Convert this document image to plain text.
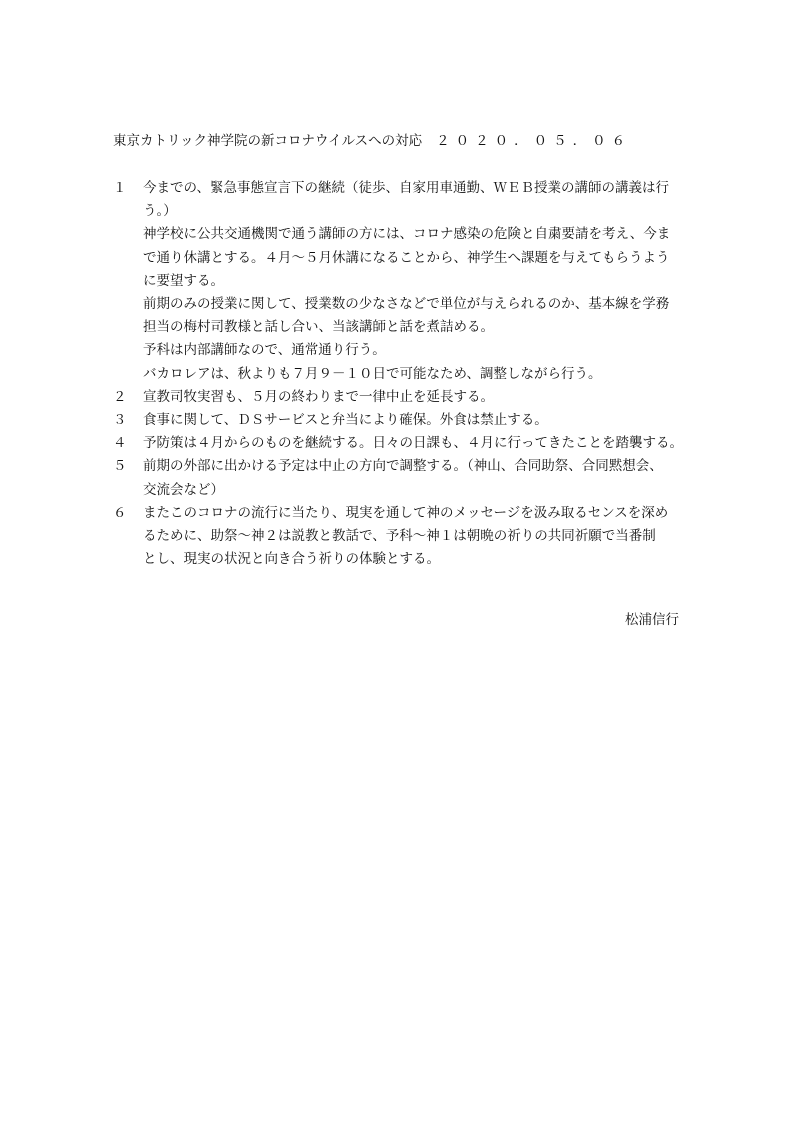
東京カトリック神学院の新コロナウイルスへの対応 ２０２０．０５．０６
１	今までの、緊急事態宣言下の継続（徒歩、自家用車通勤、ＷＥＢ授業の講師の講義は行
う。）
神学校に公共交通機関で通う講師の方には、コロナ感染の危険と自粛要請を考え、今ま
で通り休講とする。４月～５月休講になることから、神学生へ課題を与えてもらうよう
に要望する。
前期のみの授業に関して、授業数の少なさなどで単位が与えられるのか、基本線を学務
担当の梅村司教様と話し合い、当該講師と話を煮詰める。
予科は内部講師なので、通常通り行う。
バカロレアは、秋よりも７月９－１０日で可能なため、調整しながら行う。
２	宣教司牧実習も、５月の終わりまで一律中止を延長する。
３	食事に関して、ＤＳサービスと弁当により確保。外食は禁止する。
４	予防策は４月からのものを継続する。日々の日課も、４月に行ってきたことを踏襲する。
５	前期の外部に出かける予定は中止の方向で調整する。（神山、合同助祭、合同黙想会、
交流会など）
６	またこのコロナの流行に当たり、現実を通して神のメッセージを汲み取るセンスを深め
るために、助祭～神２は説教と教話で、予科～神１は朝晩の祈りの共同祈願で当番制
とし、現実の状況と向き合う祈りの体験とする。
松浦信行
